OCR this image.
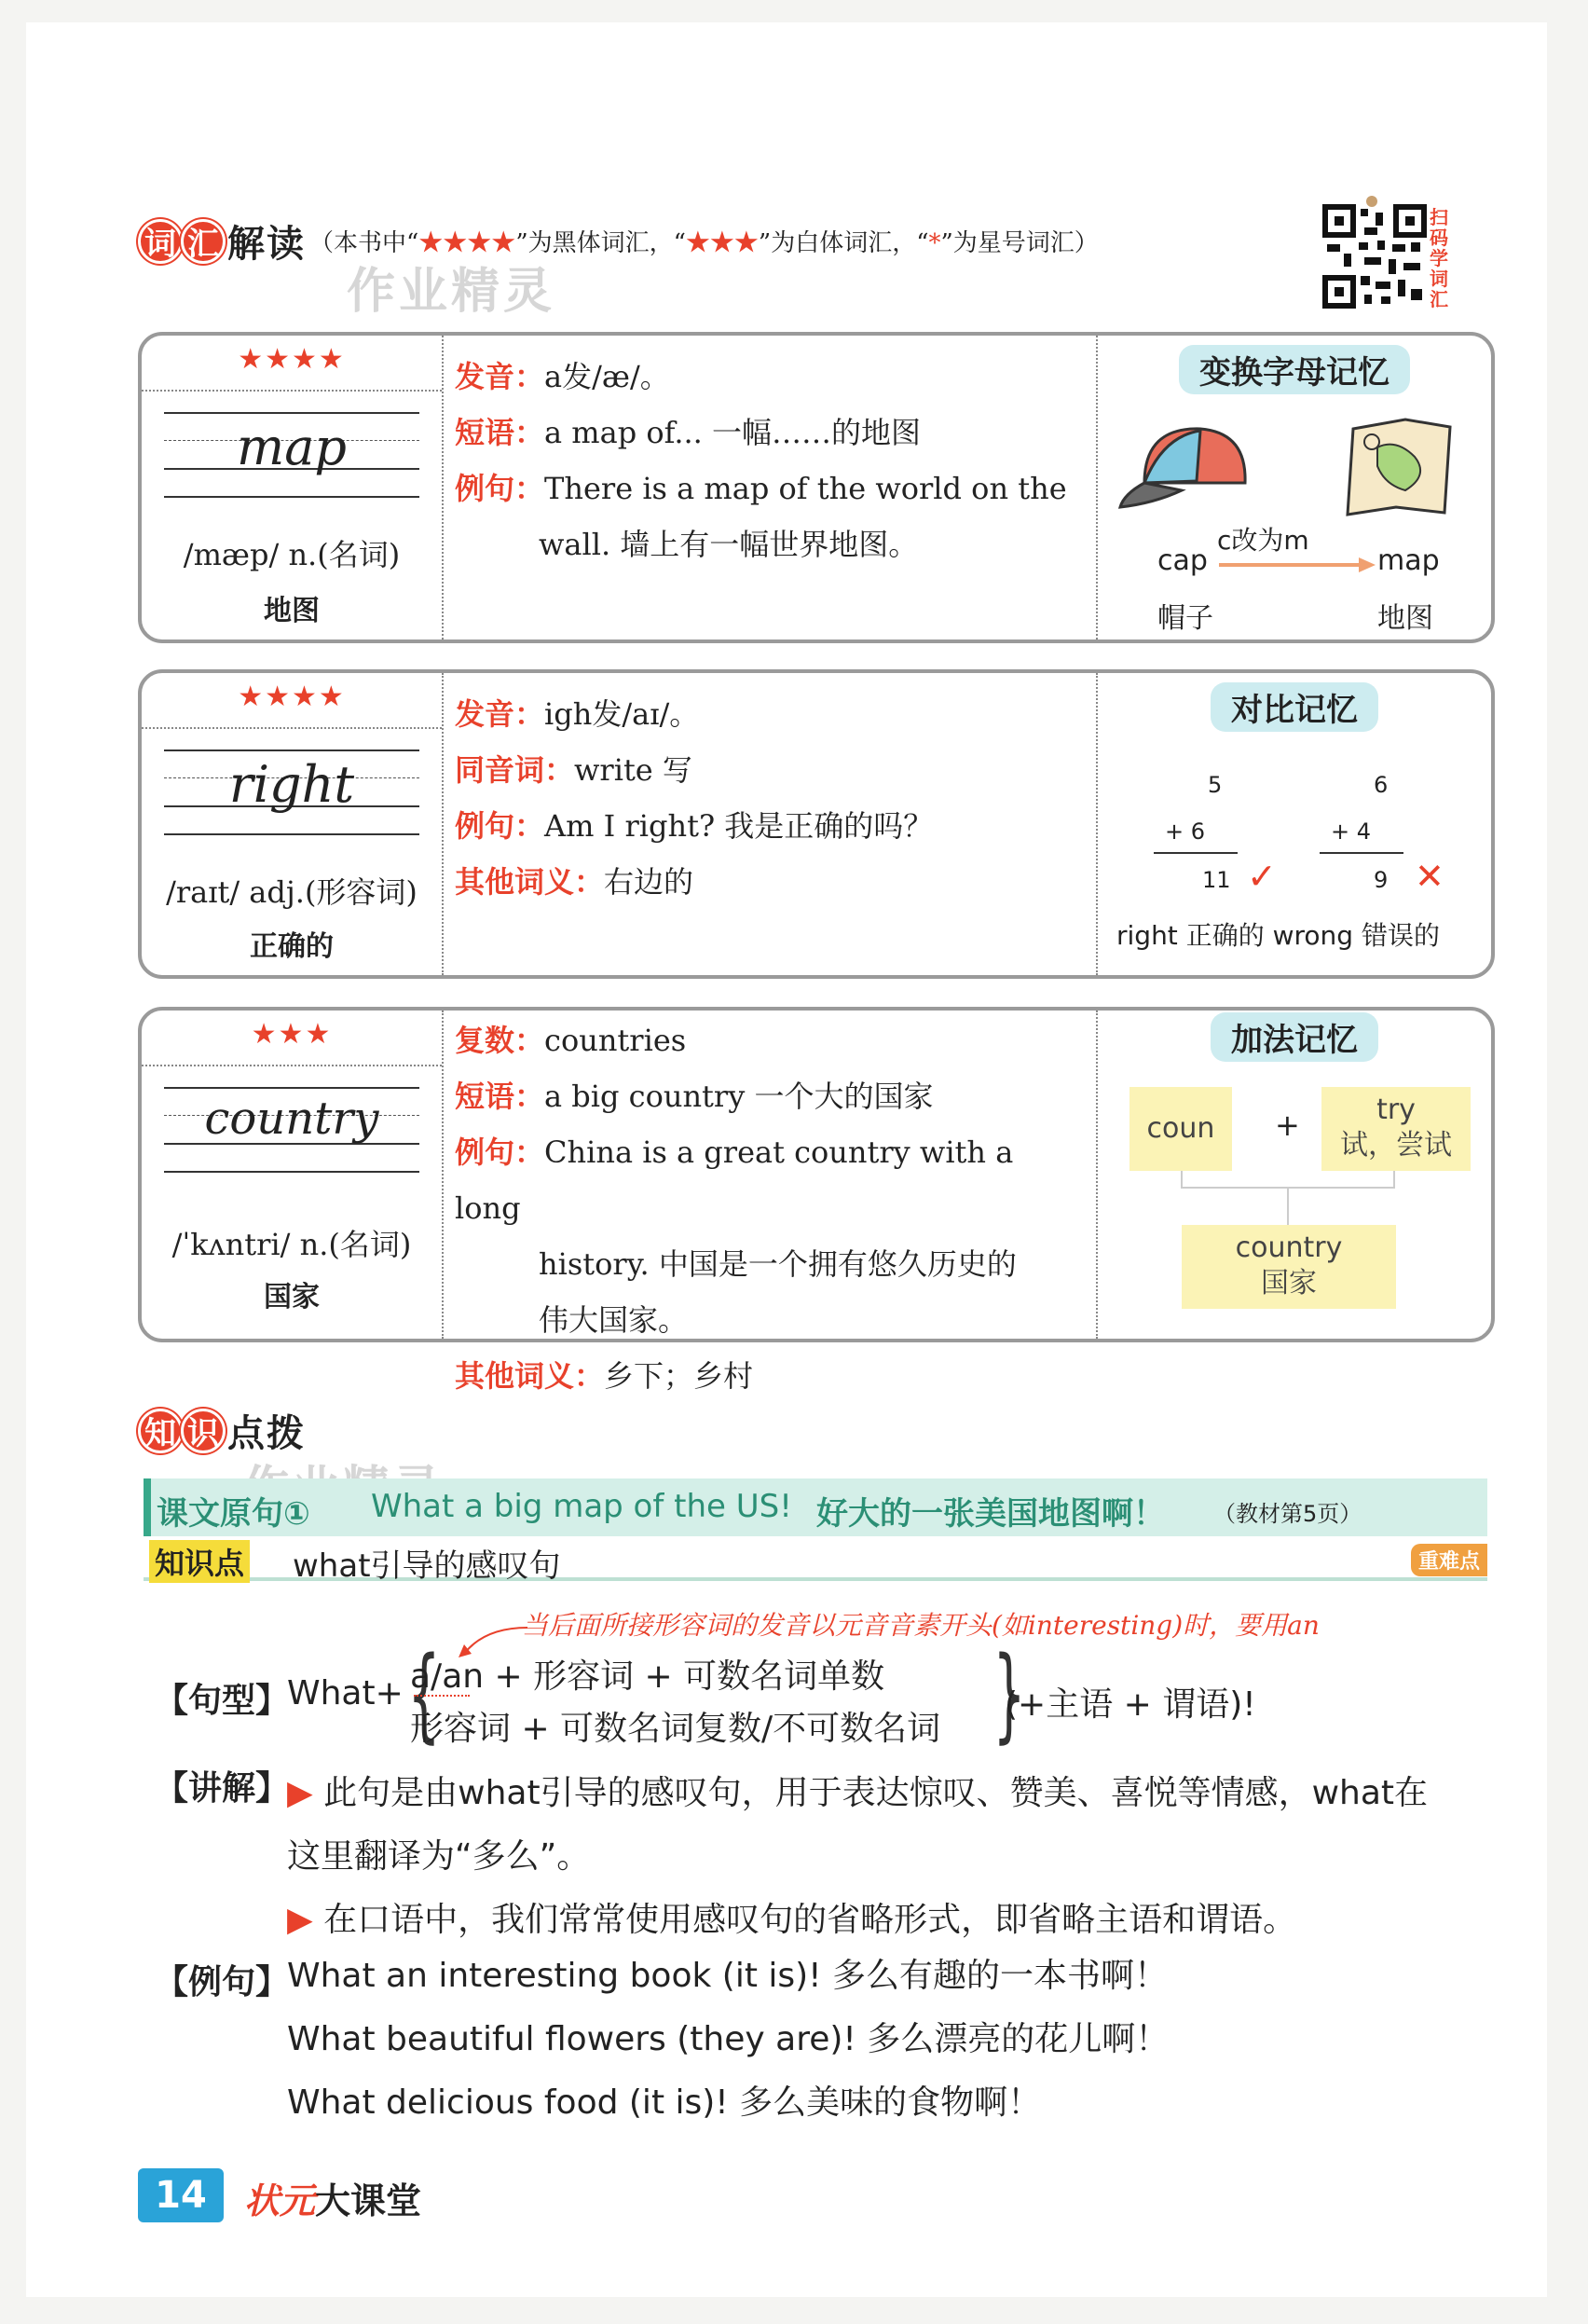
词 汇 解读 （本书中“★★★★”为黑体词汇，“★★★”为白体词汇，“*”为星号词汇）
作业精灵
扫码学词汇
★★★★
map
/mæp/ n.(名词)
地图
发音：a发/æ/。
短语：a map of... 一幅……的地图
例句：There is a map of the world on the
wall. 墙上有一幅世界地图。
变换字母记忆
cap
c改为m
map
帽子	地图
★★★★
right
/raɪt/ adj.(形容词)
正确的
发音：igh发/aɪ/。
同音词：write 写
例句：Am I right? 我是正确的吗？
其他词义：右边的
对比记忆
5
+ 6
11 ✓
6
+ 4
9 ✕
right 正确的 wrong 错误的
★★★
country
/ˈkʌntri/ n.(名词)
国家
复数：countries
短语：a big country 一个大的国家
例句：China is a great country with a long
history. 中国是一个拥有悠久历史的
伟大国家。
其他词义：乡下；乡村
加法记忆
coun	+	try
试，尝试
country
国家
知 识 点拨
课文原句① What a big map of the US! 好大的一张美国地图啊！ （教材第5页）
知识点 what引导的感叹句	重难点
当后面所接形容词的发音以元音音素开头(如interesting)时，要用an
【句型】
What+ {
a/an + 形容词 + 可数名词单数
形容词 + 可数名词复数/不可数名词 }
(+主语 + 谓语)!
【讲解】
▶ 此句是由what引导的感叹句，用于表达惊叹、赞美、喜悦等情感，what在
这里翻译为“多么”。
▶ 在口语中，我们常常使用感叹句的省略形式，即省略主语和谓语。
【例句】
What an interesting book (it is)! 多么有趣的一本书啊！
What beautiful flowers (they are)! 多么漂亮的花儿啊！
What delicious food (it is)! 多么美味的食物啊！
14	状元大课堂
